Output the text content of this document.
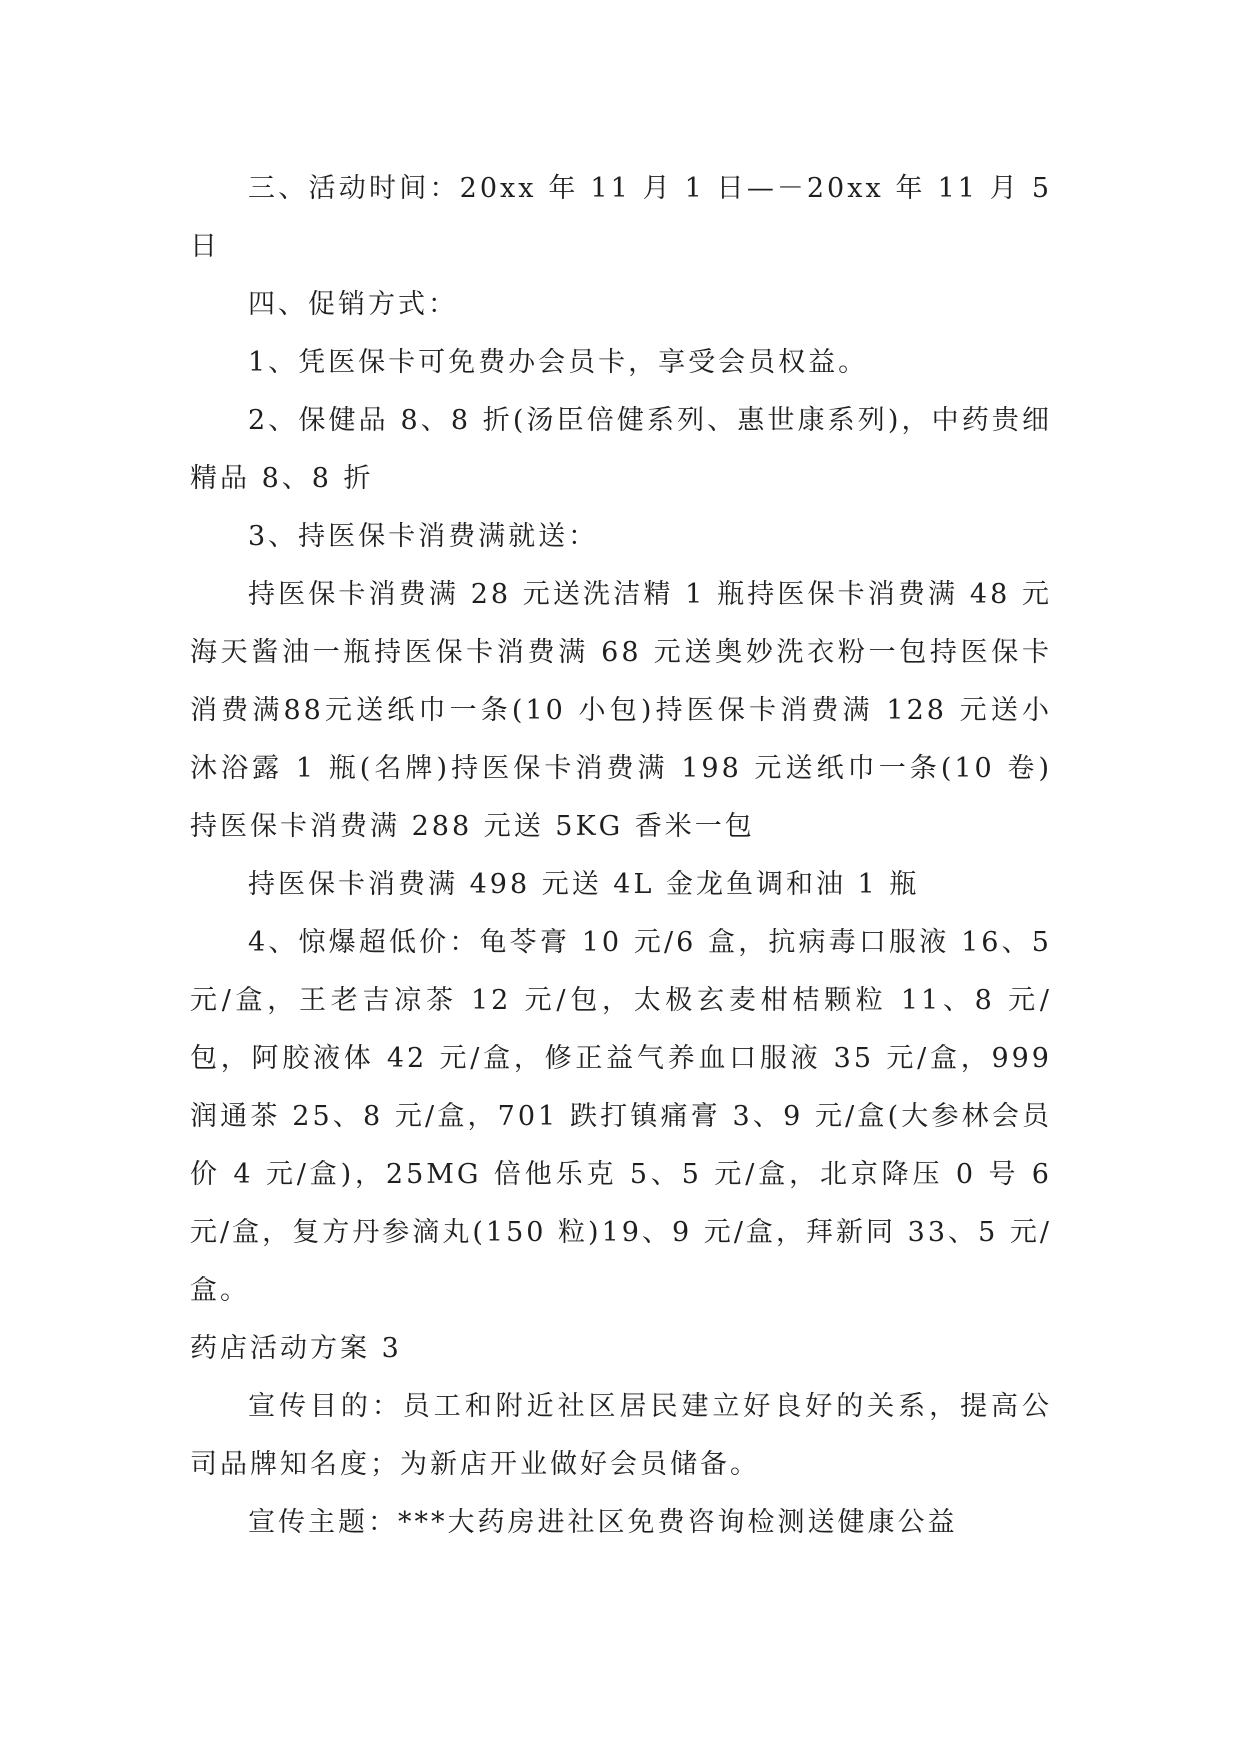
三、活动时间：20xx 年 11 月 1 日—－20xx 年 11 月 5 日

四、促销方式：

1、凭医保卡可免费办会员卡，享受会员权益。

2、保健品 8、8 折(汤臣倍健系列、惠世康系列)，中药贵细精品 8、8 折

3、持医保卡消费满就送：

持医保卡消费满 28 元送洗洁精 1 瓶持医保卡消费满 48 元海天酱油一瓶持医保卡消费满 68 元送奥妙洗衣粉一包持医保卡消费满88元送纸巾一条(10 小包)持医保卡消费满 128 元送小沐浴露 1 瓶(名牌)持医保卡消费满 198 元送纸巾一条(10 卷)持医保卡消费满 288 元送 5KG 香米一包

持医保卡消费满 498 元送 4L 金龙鱼调和油 1 瓶

4、惊爆超低价：龟苓膏 10 元/6 盒，抗病毒口服液 16、5 元/盒，王老吉凉茶 12 元/包，太极玄麦柑桔颗粒 11、8 元/包，阿胶液体 42 元/盒，修正益气养血口服液 35 元/盒，999 润通茶 25、8 元/盒，701 跌打镇痛膏 3、9 元/盒(大参林会员价 4 元/盒)，25MG 倍他乐克 5、5 元/盒，北京降压 0 号 6 元/盒，复方丹参滴丸(150 粒)19、9 元/盒，拜新同 33、5 元/盒。

药店活动方案 3

宣传目的：员工和附近社区居民建立好良好的关系，提高公司品牌知名度；为新店开业做好会员储备。

宣传主题：***大药房进社区免费咨询检测送健康公益
